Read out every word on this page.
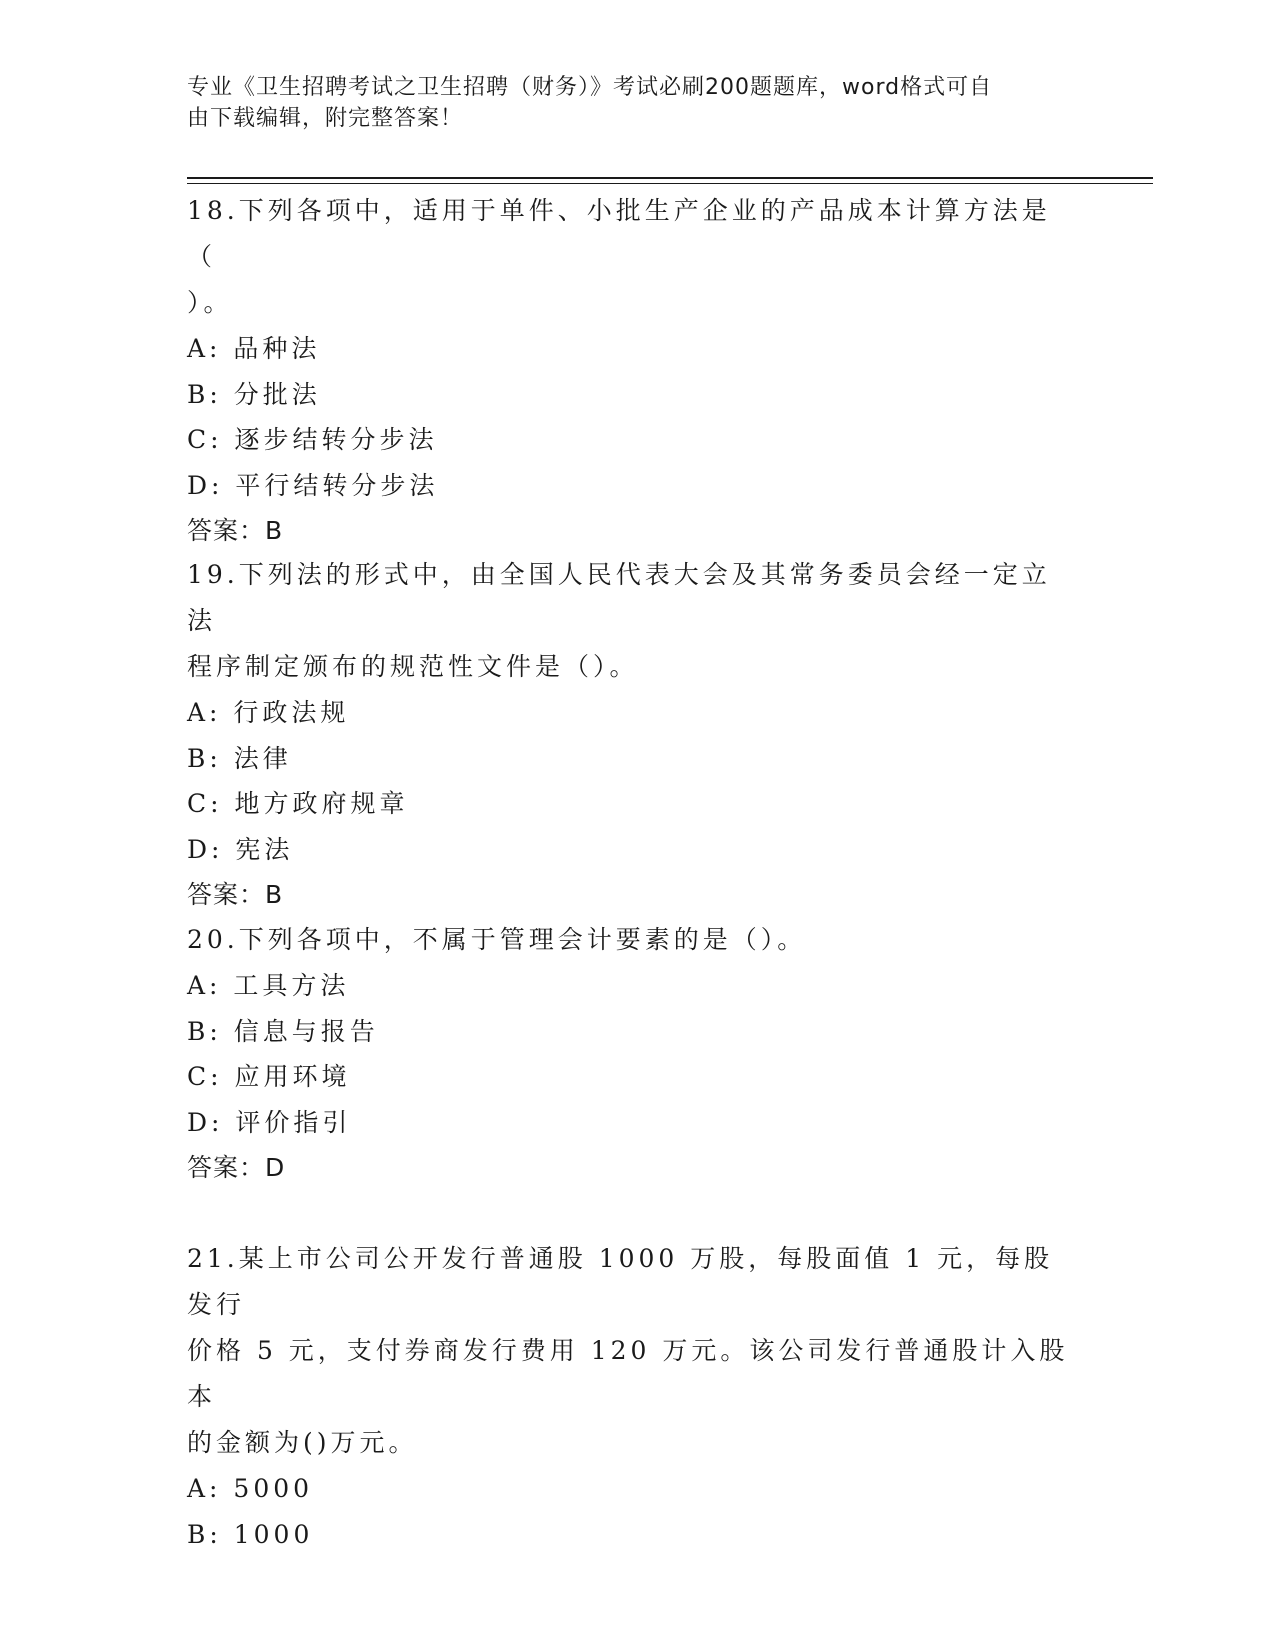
专业《卫生招聘考试之卫生招聘（财务）》考试必刷200题题库，word格式可自
由下载编辑，附完整答案！

18.下列各项中，适用于单件、小批生产企业的产品成本计算方法是（

）。

A: 品种法

B: 分批法

C: 逐步结转分步法

D: 平行结转分步法

答案：B

19.下列法的形式中，由全国人民代表大会及其常务委员会经一定立法

程序制定颁布的规范性文件是（）。

A: 行政法规

B: 法律

C: 地方政府规章

D: 宪法

答案：B

20.下列各项中，不属于管理会计要素的是（）。

A: 工具方法

B: 信息与报告

C: 应用环境

D: 评价指引

答案：D

21.某上市公司公开发行普通股 1000 万股，每股面值 1 元，每股发行

价格 5 元，支付券商发行费用 120 万元。该公司发行普通股计入股本

的金额为()万元。

A: 5000

B: 1000
